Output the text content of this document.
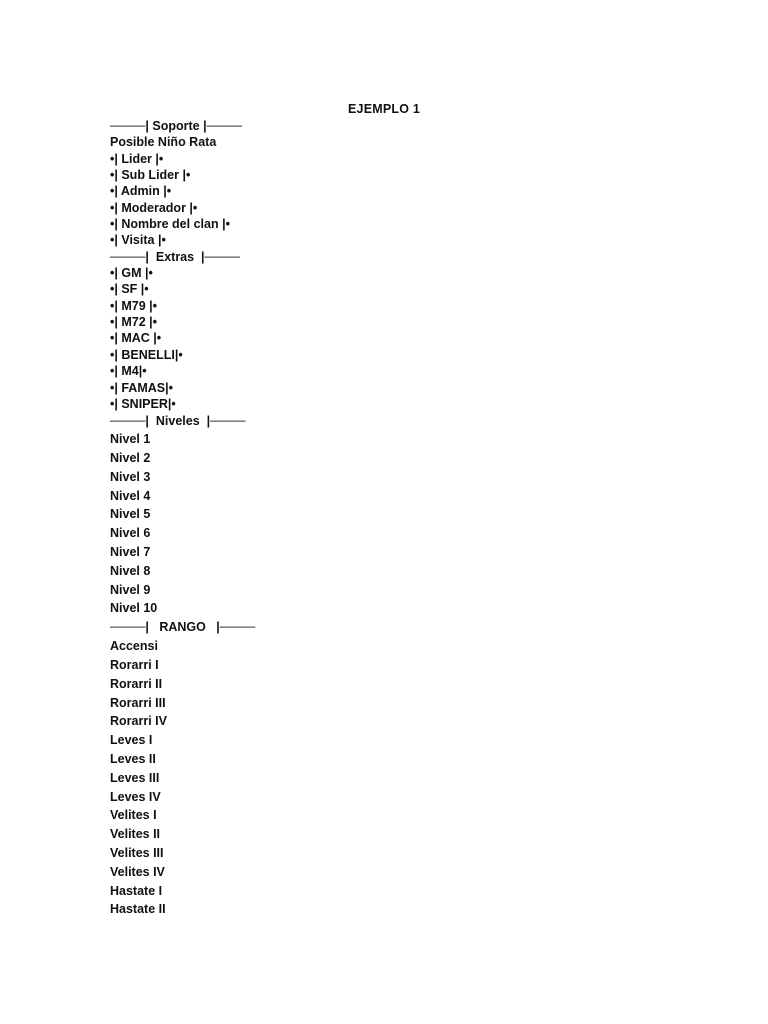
EJEMPLO 1
────| Soporte |────
Posible Niño Rata
•| Lider |•
•| Sub Lider |•
•| Admin |•
•| Moderador |•
•| Nombre del clan |•
•| Visita |•
────|  Extras  |────
•| GM |•
•| SF |•
•| M79 |•
•| M72 |•
•| MAC |•
•| BENELLI|•
•| M4|•
•| FAMAS|•
•| SNIPER|•
────|  Niveles  |────
Nivel 1
Nivel 2
Nivel 3
Nivel 4
Nivel 5
Nivel 6
Nivel 7
Nivel 8
Nivel 9
Nivel 10
────|   RANGO   |────
Accensi
Rorarri I
Rorarri II
Rorarri III
Rorarri IV
Leves I
Leves II
Leves III
Leves IV
Velites I
Velites II
Velites III
Velites IV
Hastate I
Hastate II
